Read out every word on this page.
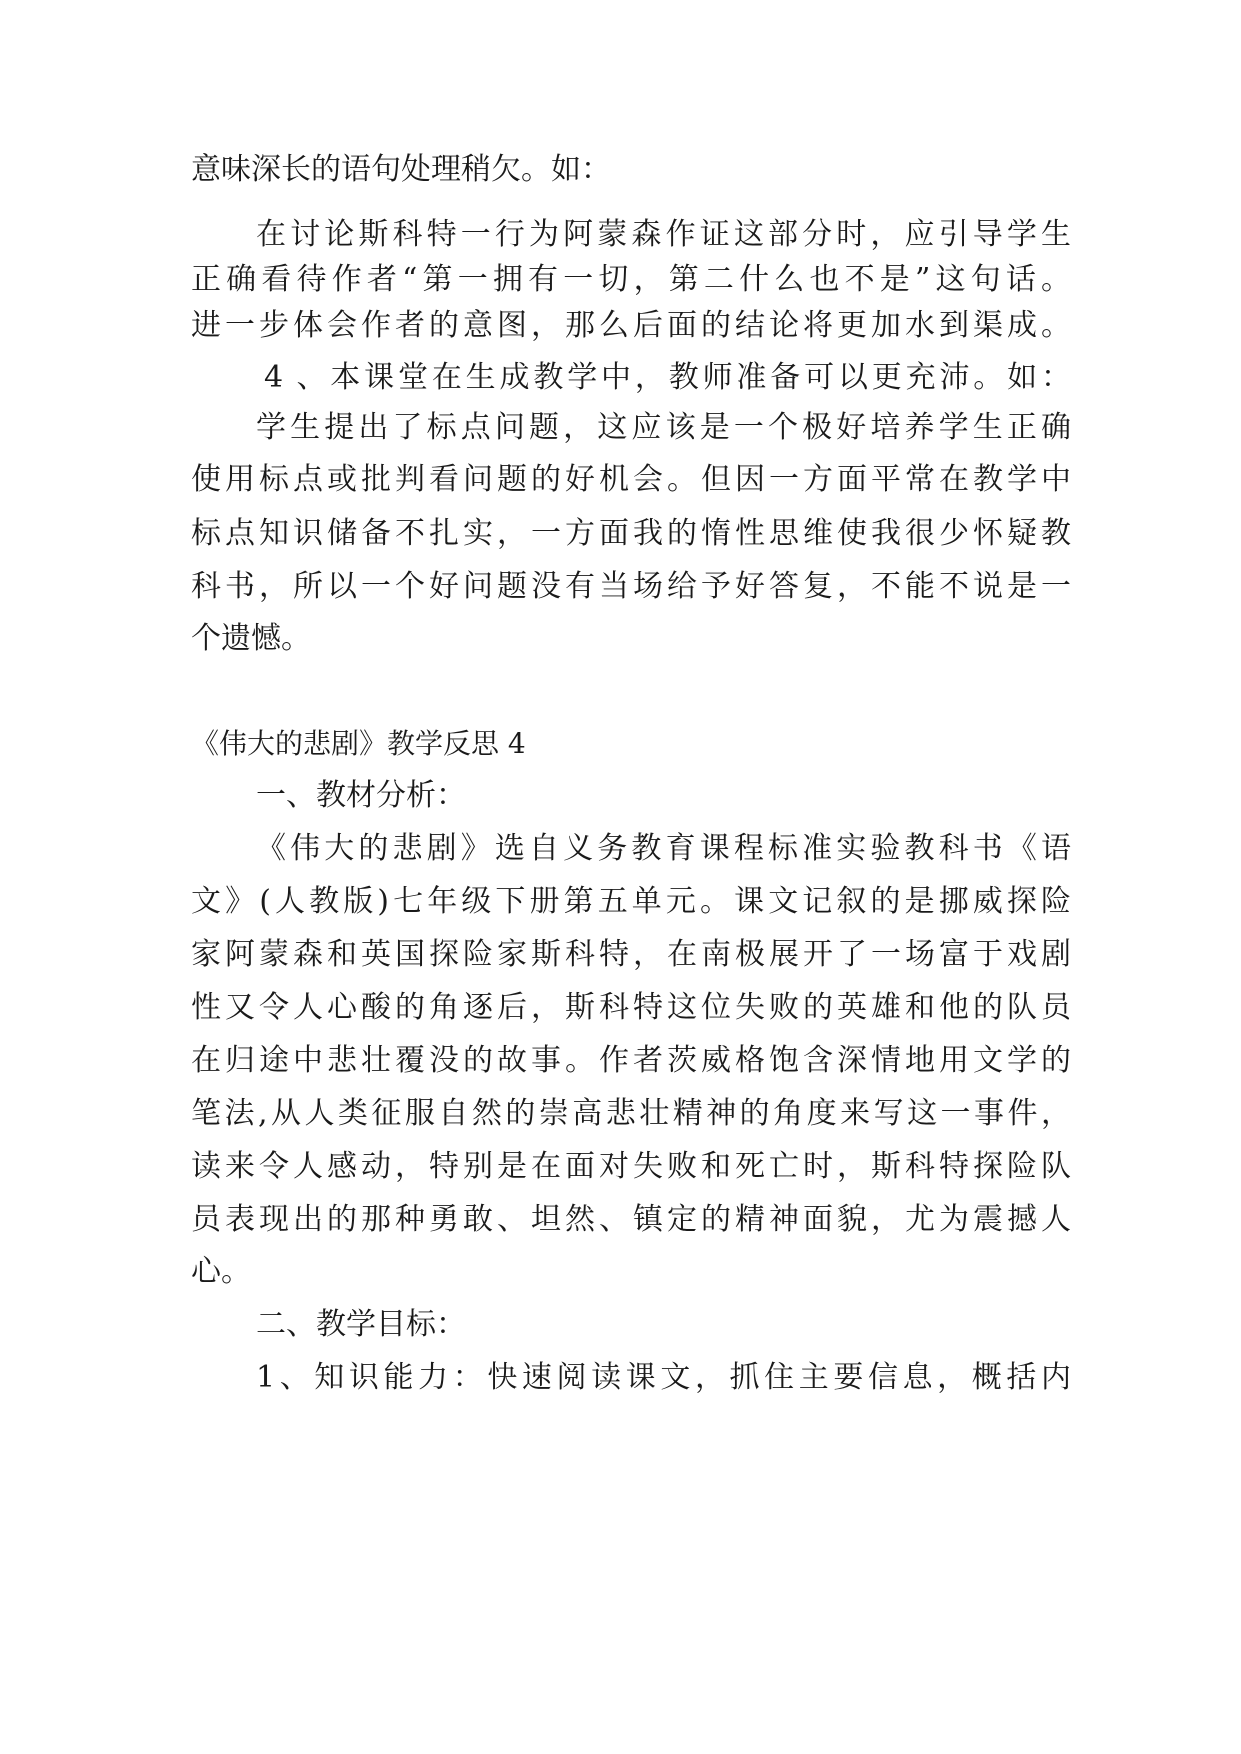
意味深长的语句处理稍欠。如：
在讨论斯科特一行为阿蒙森作证这部分时，应引导学生
正确看待作者“第一拥有一切，第二什么也不是”这句话。
进一步体会作者的意图，那么后面的结论将更加水到渠成。
4 、本课堂在生成教学中，教师准备可以更充沛。如：
学生提出了标点问题，这应该是一个极好培养学生正确
使用标点或批判看问题的好机会。但因一方面平常在教学中
标点知识储备不扎实，一方面我的惰性思维使我很少怀疑教
科书，所以一个好问题没有当场给予好答复，不能不说是一
个遗憾。
《伟大的悲剧》教学反思 4
一、教材分析：
《伟大的悲剧》选自义务教育课程标准实验教科书《语
文》(人教版)七年级下册第五单元。课文记叙的是挪威探险
家阿蒙森和英国探险家斯科特，在南极展开了一场富于戏剧
性又令人心酸的角逐后，斯科特这位失败的英雄和他的队员
在归途中悲壮覆没的故事。作者茨威格饱含深情地用文学的
笔法,从人类征服自然的崇高悲壮精神的角度来写这一事件，
读来令人感动，特别是在面对失败和死亡时，斯科特探险队
员表现出的那种勇敢、坦然、镇定的精神面貌，尤为震撼人
心。
二、教学目标：
1、知识能力：快速阅读课文，抓住主要信息，概括内
